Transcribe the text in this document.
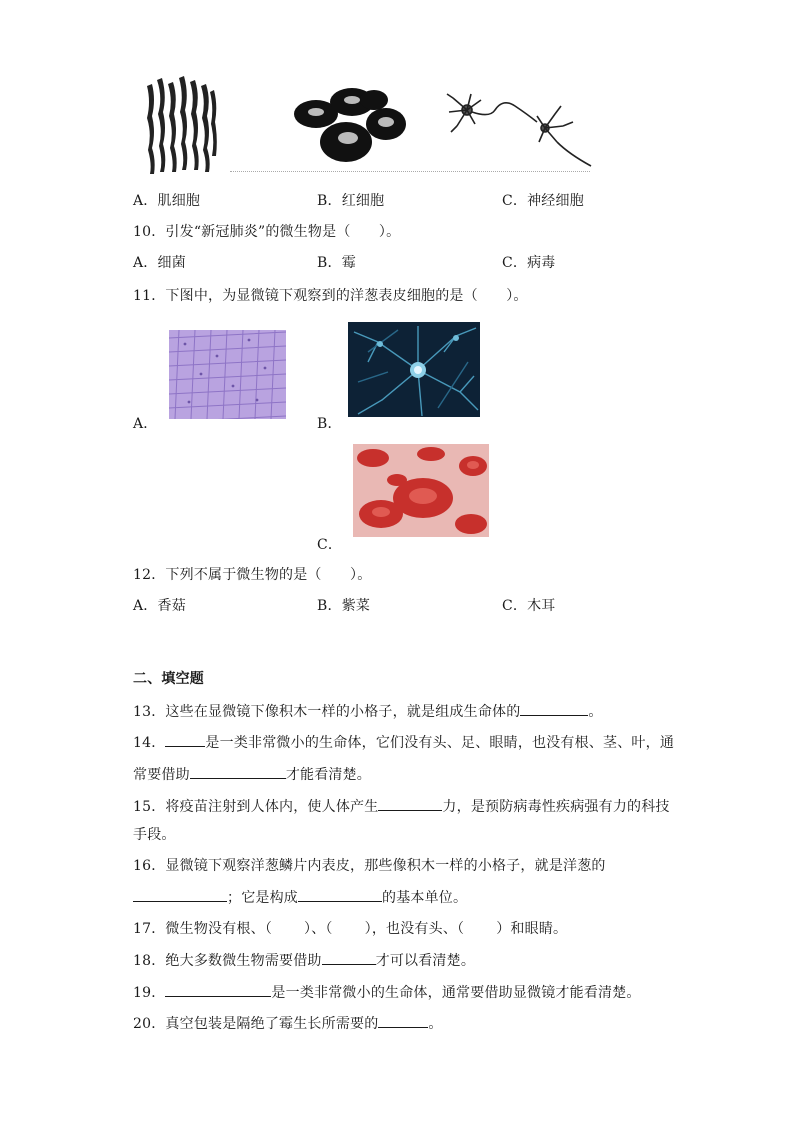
A．肌细胞	B．红细胞	C．神经细胞
10．引发“新冠肺炎”的微生物是（　　）。
A．细菌	B．霉	C．病毒
11．下图中，为显微镜下观察到的洋葱表皮细胞的是（　　）。
A．	B．
C．
12．下列不属于微生物的是（　　）。
A．香菇	B．紫菜	C．木耳
二、填空题
13．这些在显微镜下像积木一样的小格子，就是组成生命体的	。
14．	是一类非常微小的生命体，它们没有头、足、眼睛，也没有根、茎、叶，通
常要借助	才能看清楚。
15．将疫苗注射到人体内，使人体产生	力，是预防病毒性疾病强有力的科技
手段。
16．显微镜下观察洋葱鳞片内表皮，那些像积木一样的小格子，就是洋葱的
；它是构成	的基本单位。
17．微生物没有根、（ ）、（ ），也没有头、（ ）和眼睛。
18．绝大多数微生物需要借助	才可以看清楚。
19．	是一类非常微小的生命体，通常要借助显微镜才能看清楚。
20．真空包装是隔绝了霉生长所需要的	。
